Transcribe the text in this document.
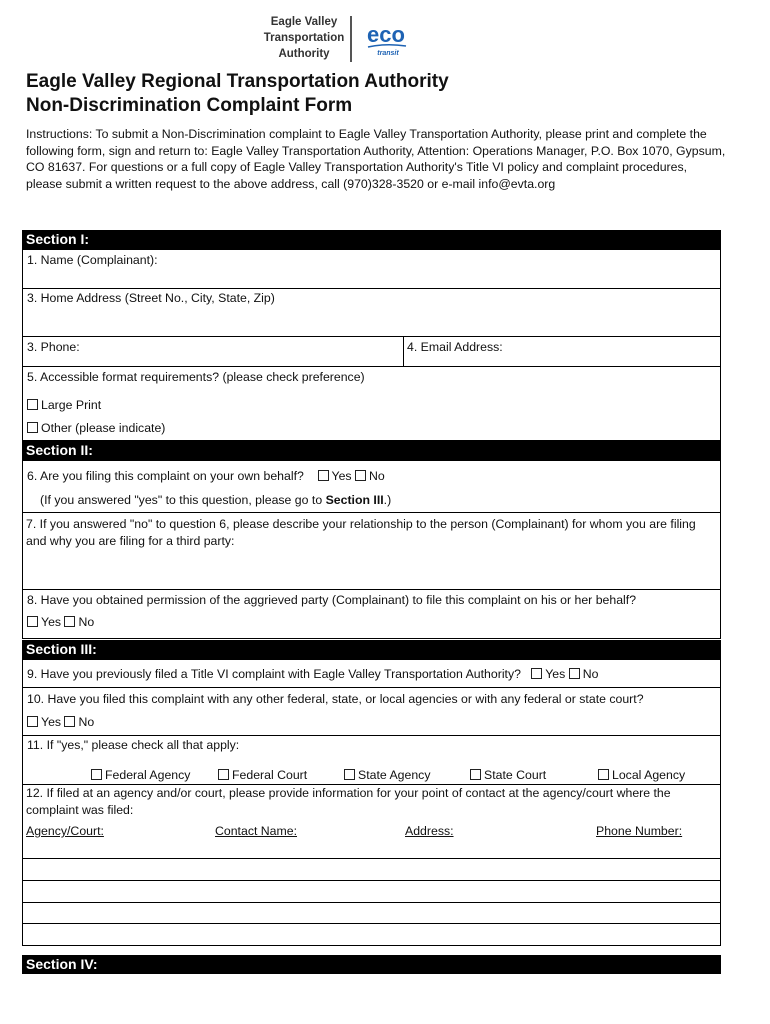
Eagle Valley
Transportation
Authority
eco
transit
Eagle Valley Regional Transportation Authority
Non-Discrimination Complaint Form
Instructions: To submit a Non-Discrimination complaint to Eagle Valley Transportation Authority, please print and complete the following form, sign and return to: Eagle Valley Transportation Authority, Attention: Operations Manager, P.O. Box 1070, Gypsum, CO 81637. For questions or a full copy of Eagle Valley Transportation Authority's Title VI policy and complaint procedures, please submit a written request to the above address, call (970)328-3520 or e-mail info@evta.org
Section I:
1. Name (Complainant):
3. Home Address (Street No., City, State, Zip)
3. Phone:	4. Email Address:
5. Accessible format requirements? (please check preference)
Large Print
Other (please indicate)
Section II:
6. Are you filing this complaint on your own behalf? Yes No
(If you answered "yes" to this question, please go to Section III.)
7. If you answered "no" to question 6, please describe your relationship to the person (Complainant) for whom you are filing and why you are filing for a third party:
8. Have you obtained permission of the aggrieved party (Complainant) to file this complaint on his or her behalf?
Yes No
Section III:
9. Have you previously filed a Title VI complaint with Eagle Valley Transportation Authority? Yes No
10. Have you filed this complaint with any other federal, state, or local agencies or with any federal or state court?
Yes No
11. If "yes," please check all that apply:
Federal Agency	Federal Court	State Agency	State Court	Local Agency
12. If filed at an agency and/or court, please provide information for your point of contact at the agency/court where the complaint was filed:
Agency/Court:	Contact Name:	Address:	Phone Number:
Section IV:
